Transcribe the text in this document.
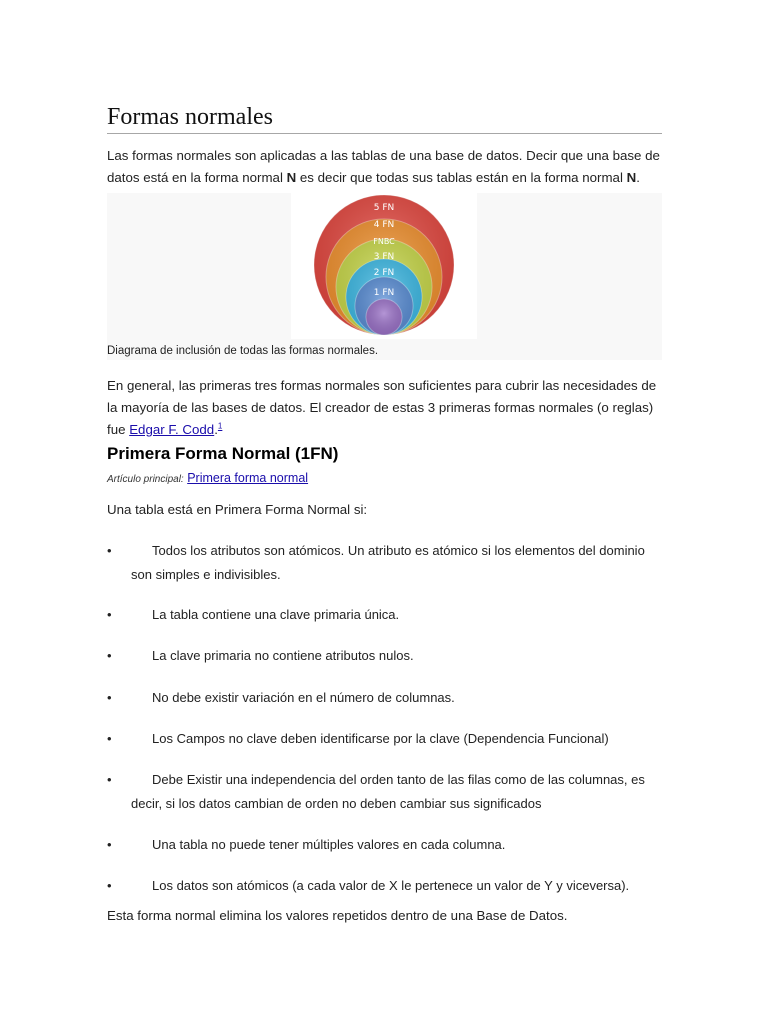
Formas normales

Las formas normales son aplicadas a las tablas de una base de datos. Decir que una base de datos está en la forma normal N es decir que todas sus tablas están en la forma normal N.

5 FN
4 FN
FNBC
3 FN
2 FN
1 FN
Diagrama de inclusión de todas las formas normales.

En general, las primeras tres formas normales son suficientes para cubrir las necesidades de la mayoría de las bases de datos. El creador de estas 3 primeras formas normales (o reglas) fue Edgar F. Codd.$^1$

Primera Forma Normal (1FN)
Artículo principal: Primera forma normal

Una tabla está en Primera Forma Normal si:

•	Todos los atributos son atómicos. Un atributo es atómico si los elementos del dominio son simples e indivisibles.
•	La tabla contiene una clave primaria única.
•	La clave primaria no contiene atributos nulos.
•	No debe existir variación en el número de columnas.
•	Los Campos no clave deben identificarse por la clave (Dependencia Funcional)
•	Debe Existir una independencia del orden tanto de las filas como de las columnas, es decir, si los datos cambian de orden no deben cambiar sus significados
•	Una tabla no puede tener múltiples valores en cada columna.
•	Los datos son atómicos (a cada valor de X le pertenece un valor de Y y viceversa).

Esta forma normal elimina los valores repetidos dentro de una Base de Datos.
